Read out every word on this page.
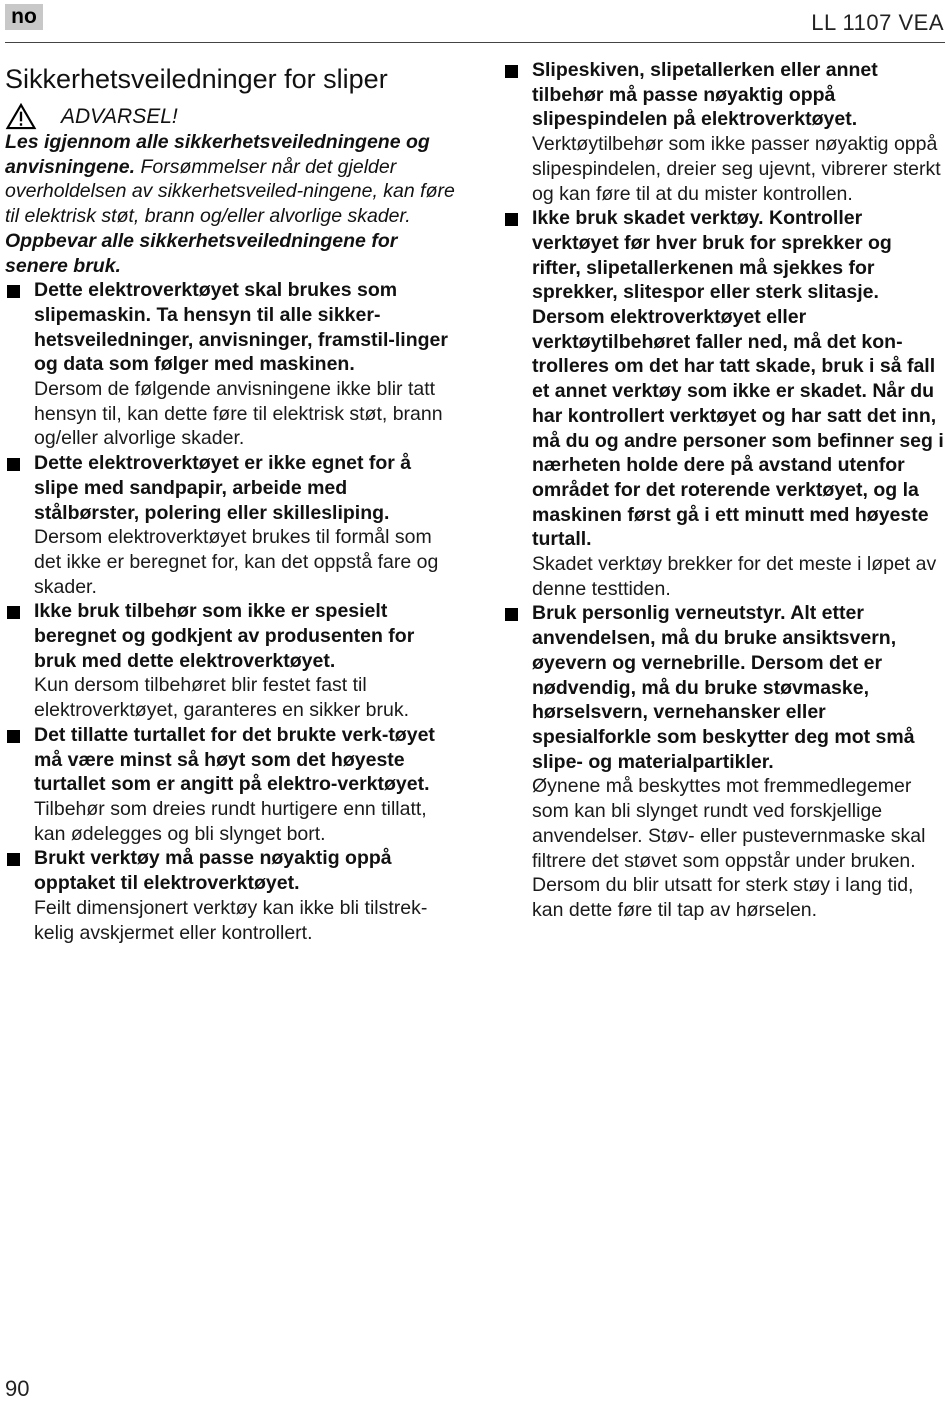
no	LL 1107 VEA
Sikkerhetsveiledninger for sliper
ADVARSEL!
Les igjennom alle sikkerhetsveiledningene og anvisningene. Forsømmelser når det gjelder overholdelsen av sikkerhetsveiled-ningene, kan føre til elektrisk støt, brann og/eller alvorlige skader. Oppbevar alle sikkerhetsveiledningene for senere bruk.
Dette elektroverktøyet skal brukes som slipemaskin. Ta hensyn til alle sikker-hetsveiledninger, anvisninger, framstil-linger og data som følger med maskinen.
Dersom de følgende anvisningene ikke blir tatt hensyn til, kan dette føre til elektrisk støt, brann og/eller alvorlige skader.
Dette elektroverktøyet er ikke egnet for å slipe med sandpapir, arbeide med stålbørster, polering eller skillesliping.
Dersom elektroverktøyet brukes til formål som det ikke er beregnet for, kan det oppstå fare og skader.
Ikke bruk tilbehør som ikke er spesielt beregnet og godkjent av produsenten for bruk med dette elektroverktøyet.
Kun dersom tilbehøret blir festet fast til elektroverktøyet, garanteres en sikker bruk.
Det tillatte turtallet for det brukte verk-tøyet må være minst så høyt som det høyeste turtallet som er angitt på elektro-verktøyet.
Tilbehør som dreies rundt hurtigere enn tillatt, kan ødelegges og bli slynget bort.
Brukt verktøy må passe nøyaktig oppå opptaket til elektroverktøyet.
Feilt dimensjonert verktøy kan ikke bli tilstrek-kelig avskjermet eller kontrollert.
Slipeskiven, slipetallerken eller annet tilbehør må passe nøyaktig oppå slipespindelen på elektroverktøyet.
Verktøytilbehør som ikke passer nøyaktig oppå slipespindelen, dreier seg ujevnt, vibrerer sterkt og kan føre til at du mister kontrollen.
Ikke bruk skadet verktøy. Kontroller verktøyet før hver bruk for sprekker og rifter, slipetallerkenen må sjekkes for sprekker, slitespor eller sterk slitasje. Dersom elektroverktøyet eller verktøytilbehøret faller ned, må det kon-trolleres om det har tatt skade, bruk i så fall et annet verktøy som ikke er skadet. Når du har kontrollert verktøyet og har satt det inn, må du og andre personer som befinner seg i nærheten holde dere på avstand utenfor området for det roterende verktøyet, og la maskinen først gå i ett minutt med høyeste turtall.
Skadet verktøy brekker for det meste i løpet av denne testtiden.
Bruk personlig verneutstyr. Alt etter anvendelsen, må du bruke ansiktsvern, øyevern og vernebrille. Dersom det er nødvendig, må du bruke støvmaske, hørselsvern, vernehansker eller spesialforkle som beskytter deg mot små slipe- og materialpartikler.
Øynene må beskyttes mot fremmedlegemer som kan bli slynget rundt ved forskjellige anvendelser. Støv- eller pustevernmaske skal filtrere det støvet som oppstår under bruken. Dersom du blir utsatt for sterk støy i lang tid, kan dette føre til tap av hørselen.
90
